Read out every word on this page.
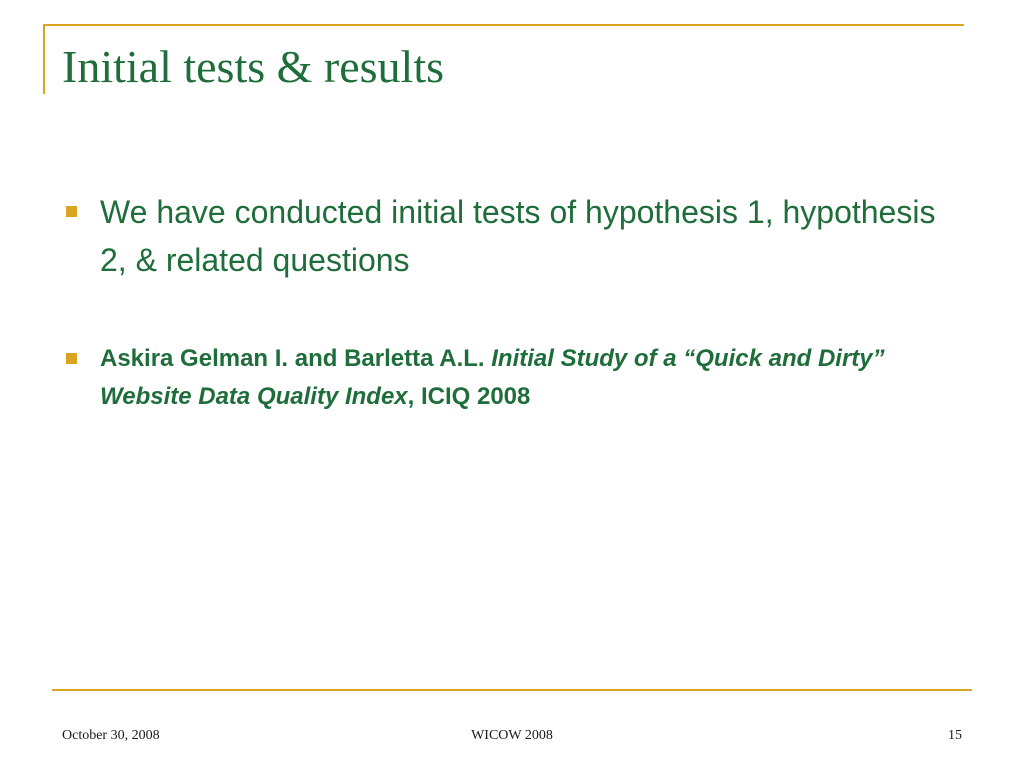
Initial tests & results
We have conducted initial tests of hypothesis 1, hypothesis 2, & related questions
Askira Gelman I. and Barletta A.L. Initial Study of a “Quick and Dirty” Website Data Quality Index, ICIQ 2008
October 30, 2008	WICOW 2008	15
